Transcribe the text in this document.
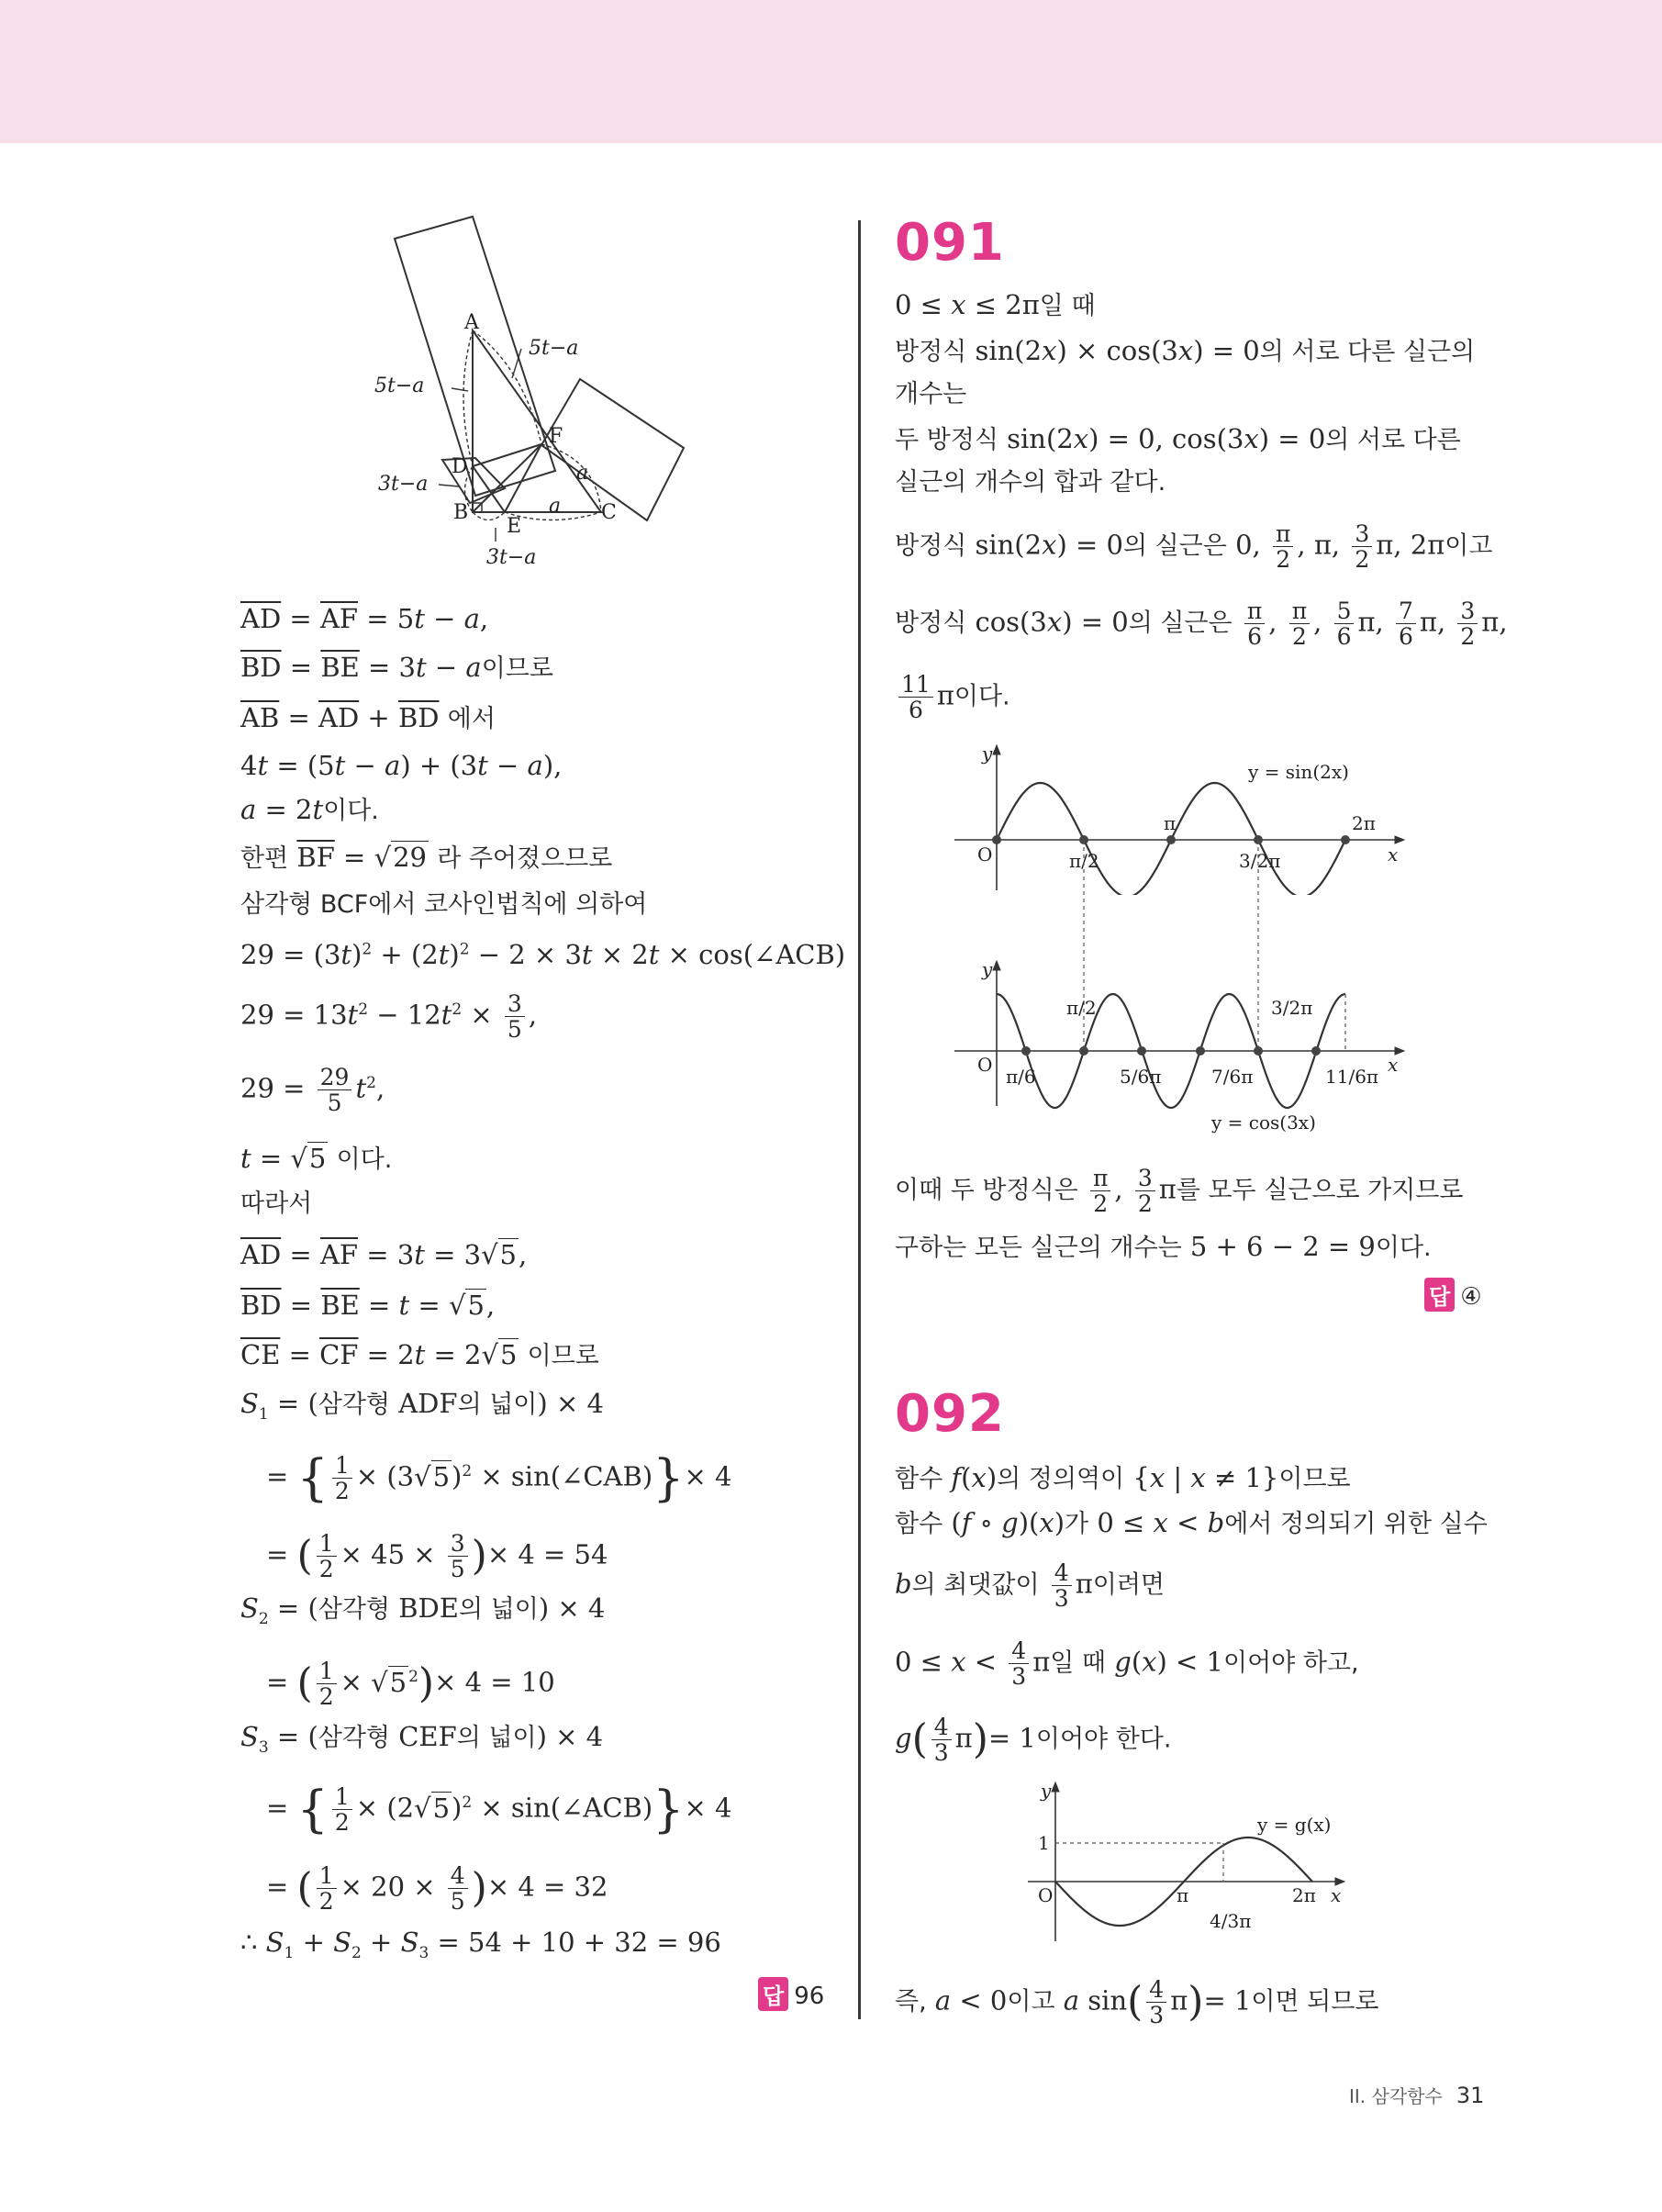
A
B	C
D
E
F
5t−a
5t−a
3t−a
3t−a
a
a
$\overline{AD} = \overline{AF} = 5t - a$,
$\overline{BD} = \overline{BE} = 3t - a$이므로
$\overline{AB} = \overline{AD} + \overline{BD}$ 에서
4t = (5t − a) + (3t − a),
a = 2t이다.
한편 $\overline{BF} = √29$ 라 주어졌으므로
삼각형 BCF에서 코사인법칙에 의하여
$29 = (3t)^2 + (2t)^2 - 2 \times 3t \times 2t$ × cos(∠ACB)
$29 = 13t^2 - 12t^2 \times \frac{3}{5}$ ,
$29 = \frac{29}{5} t^2$,
t = √5 이다.
따라서
$\overline{AD} = \overline{AF} = 3t = 3√5$,
$\overline{BD} = \overline{BE} = t = √5$,
$\overline{CE} = \overline{CF} = 2t = 2√5$ 이므로
$S_1$ = (삼각형 ADF의 넓이) × 4
= { $\frac{1}{2} \times (3√5)^2$ × sin(∠CAB)}× 4
= ( $\frac{1}{2} \times 45 \times \frac{3}{5}$ )× 4 = 54
$S_2$ = (삼각형 BDE의 넓이) × 4
= ( $\frac{1}{2} \times √5$ $^2$)× 4 = 10
$S_3$ = (삼각형 CEF의 넓이) × 4
= { $\frac{1}{2} \times (2√5)^2$ × sin(∠ACB)}× 4
= ( $\frac{1}{2} \times 20 \times \frac{4}{5}$ )× 4 = 32
∴ $S_1 + S_2 + S_3 = 54 + 10 + 32 = 96$
답 96
091
0 ≤ x ≤ 2π일 때
방정식 sin(2x) × cos(3x) = 0의 서로 다른 실근의
개수는
두 방정식 sin(2x) = 0, cos(3x) = 0의 서로 다른
실근의 개수의 합과 같다.
방정식 sin(2x) = 0의 실근은 0, $\frac{\pi}{2}$ , π, $\frac{3}{2} \pi$, 2π이고
방정식 cos(3x) = 0의 실근은 $\frac{\pi}{6}$ , $\frac{\pi}{2}$ , $\frac{5}{6} \pi$, $\frac{7}{6} \pi$, $\frac{3}{2} \pi$,
$\frac{11}{6}$ π이다.
y
x
O
y = sin(2x)
π	2π
π/2	3/2π
y
x
O
y = cos(3x)
π/6
π/2
5/6π	7/6π
3/2π
11/6π
이때 두 방정식은 $\frac{\pi}{2}$ , $\frac{3}{2}$ π를 모두 실근으로 가지므로
구하는 모든 실근의 개수는 5 + 6 − 2 = 9이다.
답 ④
092
함수 f(x)의 정의역이 {x | x ≠ 1}이므로
함수 (f ∘ g)(x)가 0 ≤ x < b에서 정의되기 위한 실수
b의 최댓값이 $\frac{4}{3}$ π이려면
$0 \le x < \frac{4}{3}$ π일 때 g(x) < 1이어야 하고,
$g( \frac{4}{3} \pi)= 1$이어야 한다.
y
x
O
1
y = g(x)
π	2π
4/3π
즉, a < 0이고 a $\sin( \frac{4}{3} \pi)= 1$이면 되므로
II. 삼각함수 31
